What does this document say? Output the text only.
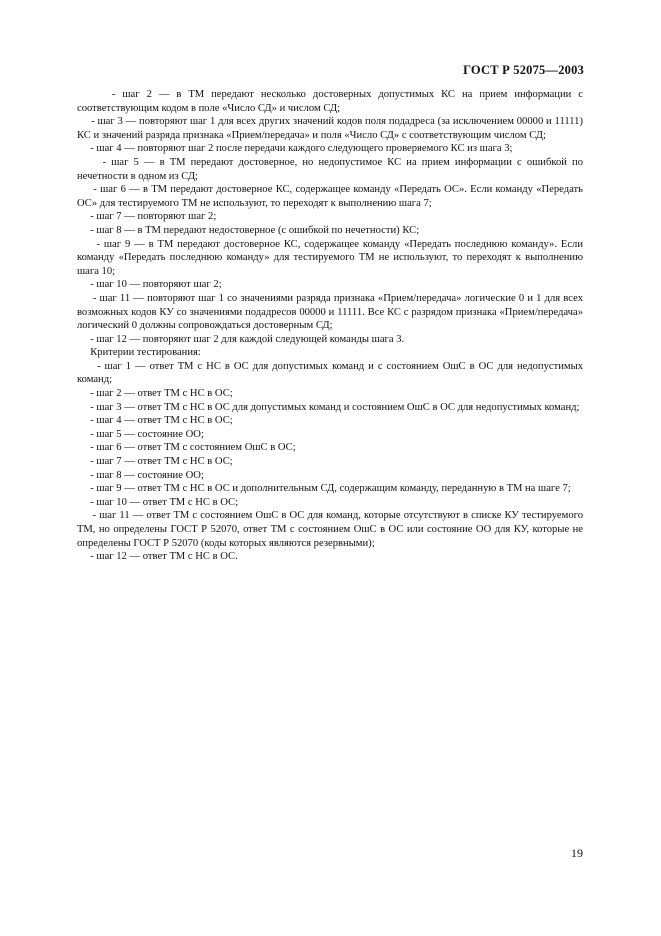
ГОСТ Р 52075—2003

- шаг 2 — в ТМ передают несколько достоверных допустимых КС на прием информации с соответствующим кодом в поле «Число СД» и числом СД;

- шаг 3 — повторяют шаг 1 для всех других значений кодов поля подадреса (за исключением 00000 и 11111) КС и значений разряда признака «Прием/передача» и поля «Число СД» с соответствующим числом СД;

- шаг 4 — повторяют шаг 2 после передачи каждого следующего проверяемого КС из шага 3;

- шаг 5 — в ТМ передают достоверное, но недопустимое КС на прием информации с ошибкой по нечетности в одном из СД;

- шаг 6 — в ТМ передают достоверное КС, содержащее команду «Передать ОС». Если команду «Передать ОС» для тестируемого ТМ не используют, то переходят к выполнению шага 7;

- шаг 7 — повторяют шаг 2;

- шаг 8 — в ТМ передают недостоверное (с ошибкой по нечетности) КС;

- шаг 9 — в ТМ передают достоверное КС, содержащее команду «Передать последнюю команду». Если команду «Передать последнюю команду» для тестируемого ТМ не используют, то переходят к выполнению шага 10;

- шаг 10 — повторяют шаг 2;

- шаг 11 — повторяют шаг 1 со значениями разряда признака «Прием/передача» логические 0 и 1 для всех возможных кодов КУ со значениями подадресов 00000 и 11111. Все КС с разрядом признака «Прием/передача» логический 0 должны сопровождаться достоверным СД;

- шаг 12 — повторяют шаг 2 для каждой следующей команды шага 3.

Критерии тестирования:

- шаг 1 — ответ ТМ с НС в ОС для допустимых команд и с состоянием ОшС в ОС для недопустимых команд;

- шаг 2 — ответ ТМ с НС в ОС;

- шаг 3 — ответ ТМ с НС в ОС для допустимых команд и состоянием ОшС в ОС для недопустимых команд;

- шаг 4 — ответ ТМ с НС в ОС;

- шаг 5 — состояние ОО;

- шаг 6 — ответ ТМ с состоянием ОшС в ОС;

- шаг 7 — ответ ТМ с НС в ОС;

- шаг 8 — состояние ОО;

- шаг 9 — ответ ТМ с НС в ОС и дополнительным СД, содержащим команду, переданную в ТМ на шаге 7;

- шаг 10 — ответ ТМ с НС в ОС;

- шаг 11 — ответ ТМ с состоянием ОшС в ОС для команд, которые отсутствуют в списке КУ тестируемого ТМ, но определены ГОСТ Р 52070, ответ ТМ с состоянием ОшС в ОС или состояние ОО для КУ, которые не определены ГОСТ Р 52070 (коды которых являются резервными);

- шаг 12 — ответ ТМ с НС в ОС.

19
